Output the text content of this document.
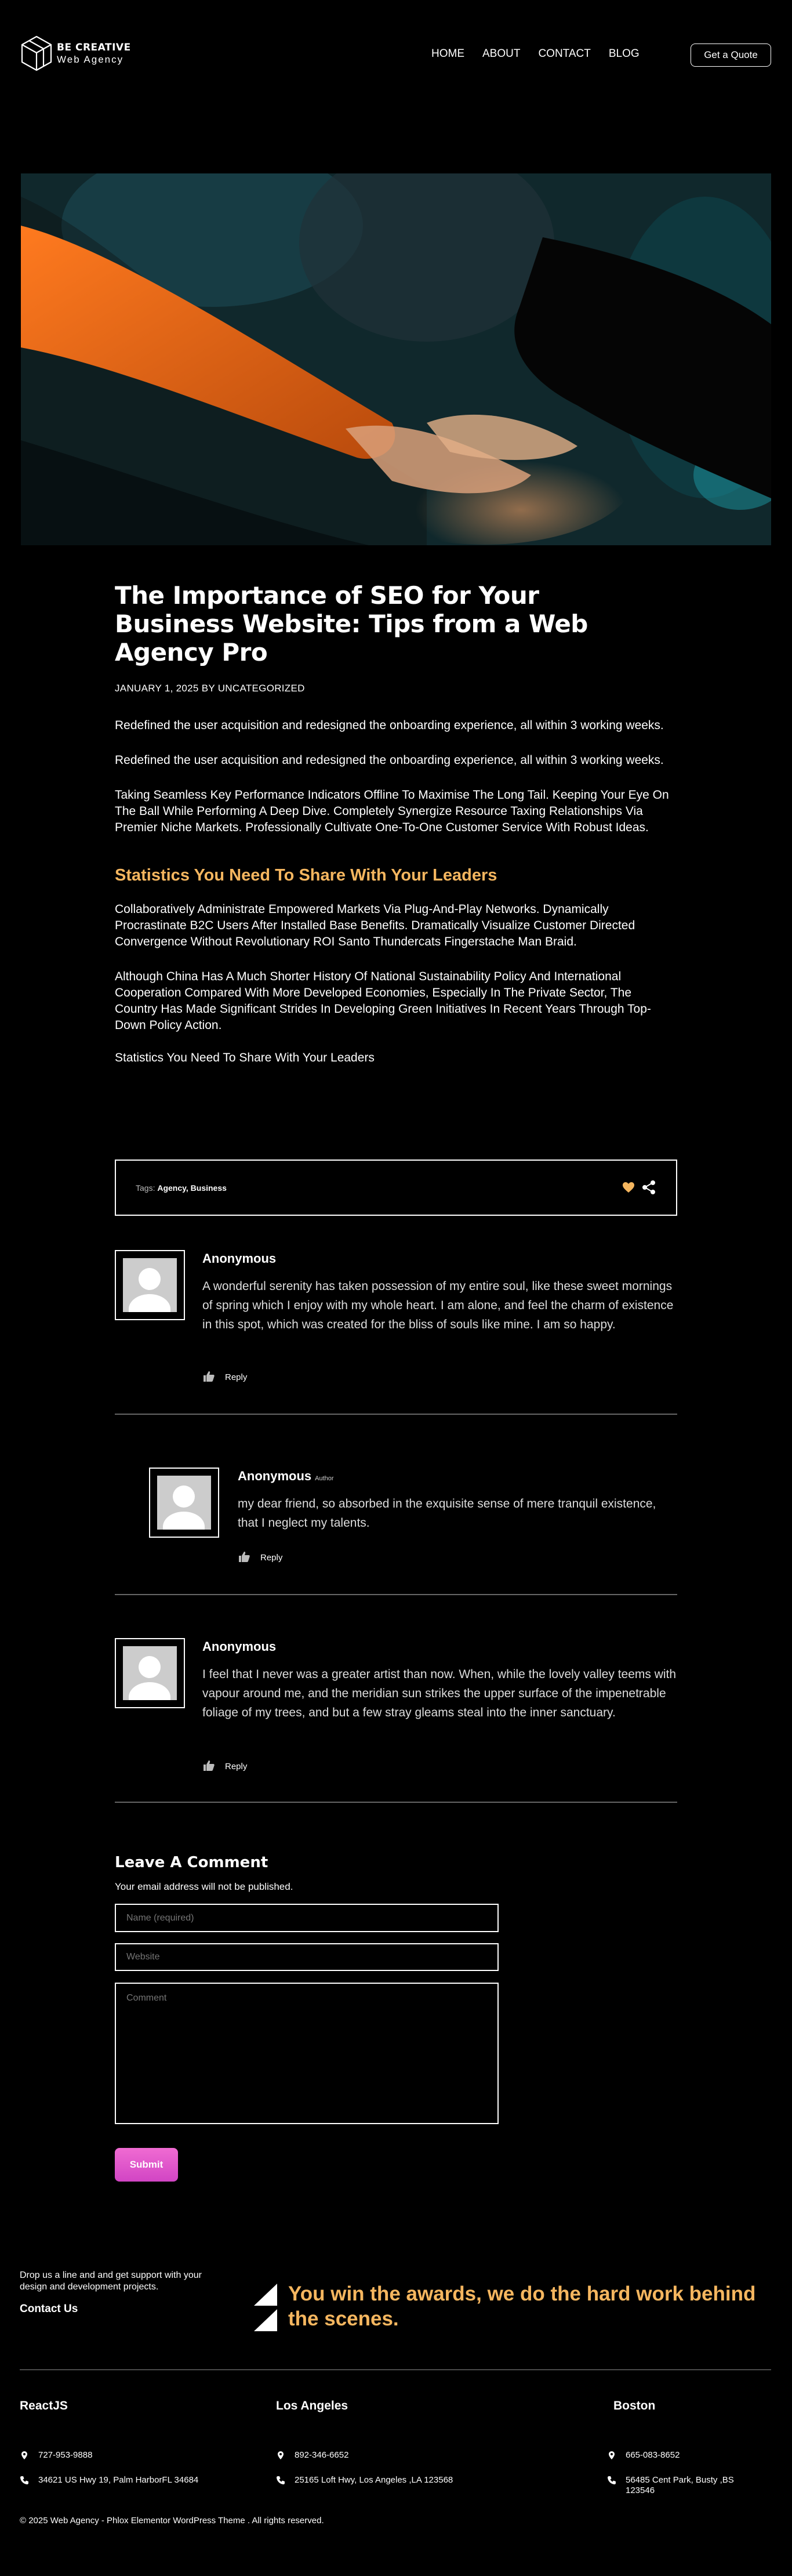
BE CREATIVE
Web Agency	HOME ABOUT CONTACT BLOG	Get a Quote
The Importance of SEO for Your Business Website: Tips from a Web Agency Pro
JANUARY 1, 2025 BY UNCATEGORIZED

Redefined the user acquisition and redesigned the onboarding experience, all within 3 working weeks.

Redefined the user acquisition and redesigned the onboarding experience, all within 3 working weeks.

Taking Seamless Key Performance Indicators Offline To Maximise The Long Tail. Keeping Your Eye On The Ball While Performing A Deep Dive. Completely Synergize Resource Taxing Relationships Via Premier Niche Markets. Professionally Cultivate One-To-One Customer Service With Robust Ideas.

Statistics You Need To Share With Your Leaders

Collaboratively Administrate Empowered Markets Via Plug-And-Play Networks. Dynamically Procrastinate B2C Users After Installed Base Benefits. Dramatically Visualize Customer Directed Convergence Without Revolutionary ROI Santo Thundercats Fingerstache Man Braid.

Although China Has A Much Shorter History Of National Sustainability Policy And International Cooperation Compared With More Developed Economies, Especially In The Private Sector, The Country Has Made Significant Strides In Developing Green Initiatives In Recent Years Through Top-Down Policy Action.

Statistics You Need To Share With Your Leaders

Tags: Agency, Business
Anonymous

A wonderful serenity has taken possession of my entire soul, like these sweet mornings of spring which I enjoy with my whole heart. I am alone, and feel the charm of existence in this spot, which was created for the bliss of souls like mine. I am so happy.

Reply
Anonymous Author

my dear friend, so absorbed in the exquisite sense of mere tranquil existence, that I neglect my talents.

Reply
Anonymous

I feel that I never was a greater artist than now. When, while the lovely valley teems with vapour around me, and the meridian sun strikes the upper surface of the impenetrable foliage of my trees, and but a few stray gleams steal into the inner sanctuary.

Reply
Leave A Comment

Your email address will not be published.

Name (required)
Website
Comment
Submit

Drop us a line and and get support with your design and development projects.

Contact Us
You win the awards, we do the hard work behind the scenes.
ReactJS
727-953-9888
34621 US Hwy 19, Palm HarborFL 34684
Los Angeles
892-346-6652
25165 Loft Hwy, Los Angeles ,LA 123568
Boston
665-083-8652
56485 Cent Park, Busty ,BS 123546
© 2025 Web Agency - Phlox Elementor WordPress Theme . All rights reserved.
